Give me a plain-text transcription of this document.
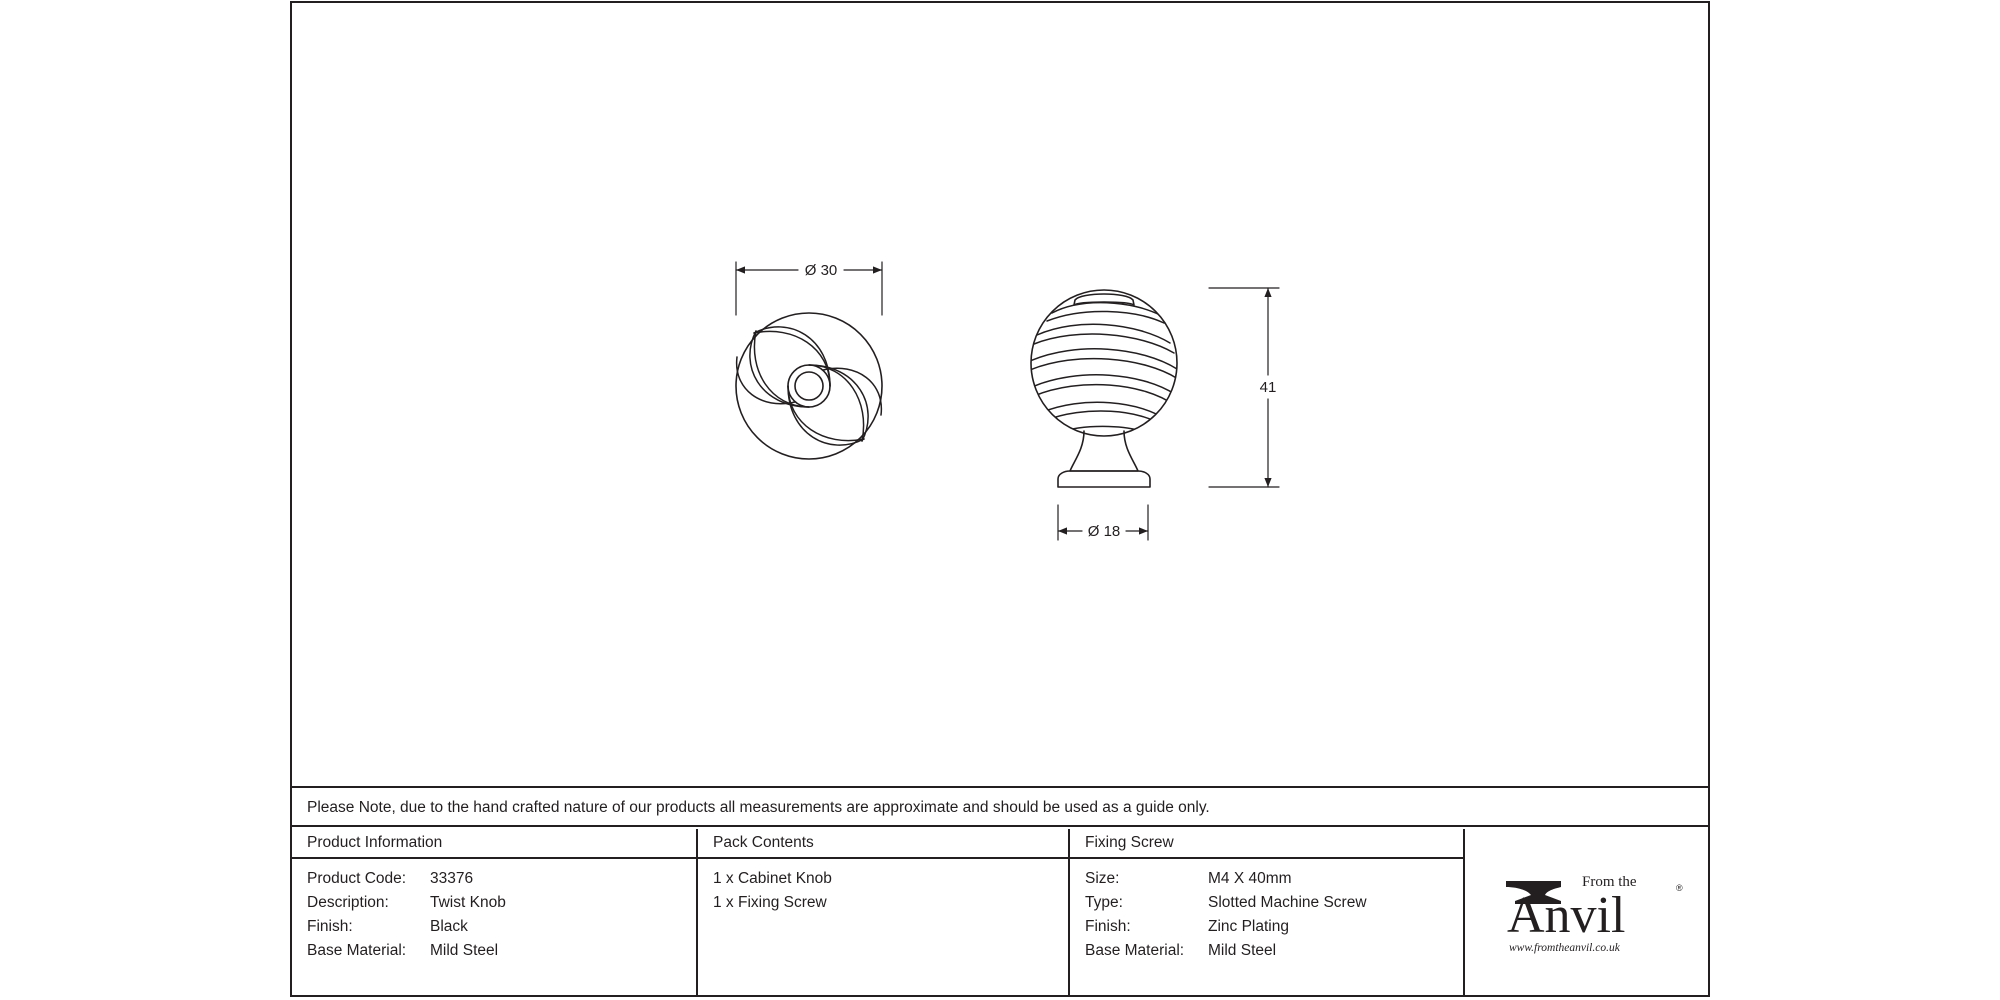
Ø 30
41
Ø 18
Please Note, due to the hand crafted nature of our products all measurements are approximate and should be used as a guide only.
Product Information
Product Code:	33376
Description:	Twist Knob
Finish:	Black
Base Material:	Mild Steel
Pack Contents
1 x Cabinet Knob
1 x Fixing Screw
Fixing Screw
Size:	M4 X 40mm
Type:	Slotted Machine Screw
Finish:	Zinc Plating
Base Material:	Mild Steel
From the
Anvil	®
www.fromtheanvil.co.uk
